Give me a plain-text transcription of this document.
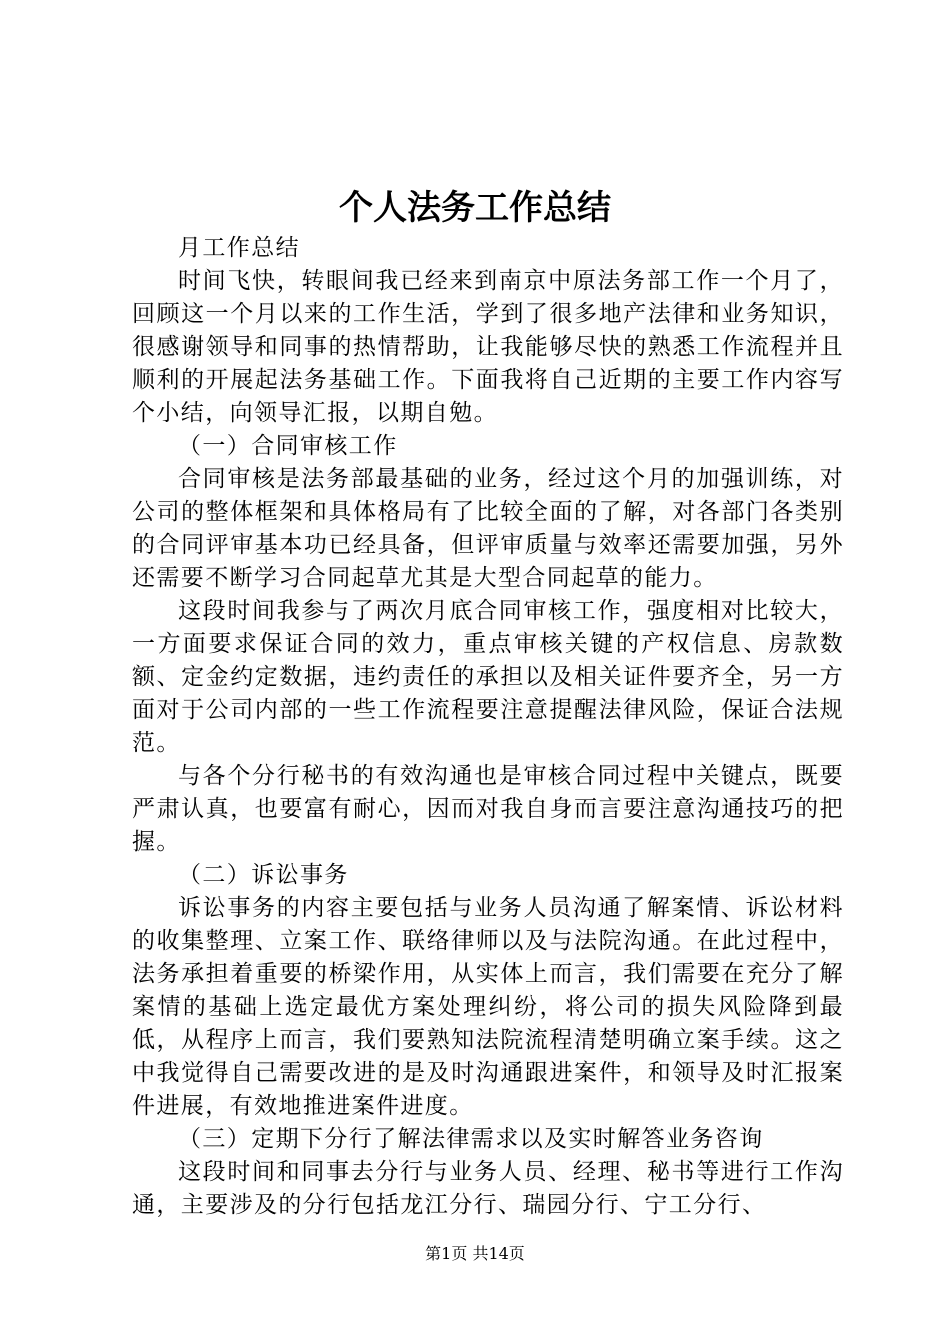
个人法务工作总结

月工作总结

时间飞快，转眼间我已经来到南京中原法务部工作一个月了，回顾这一个月以来的工作生活，学到了很多地产法律和业务知识，很感谢领导和同事的热情帮助，让我能够尽快的熟悉工作流程并且顺利的开展起法务基础工作。下面我将自己近期的主要工作内容写个小结，向领导汇报，以期自勉。

（一）合同审核工作

合同审核是法务部最基础的业务，经过这个月的加强训练，对公司的整体框架和具体格局有了比较全面的了解，对各部门各类别的合同评审基本功已经具备，但评审质量与效率还需要加强，另外还需要不断学习合同起草尤其是大型合同起草的能力。

这段时间我参与了两次月底合同审核工作，强度相对比较大，一方面要求保证合同的效力，重点审核关键的产权信息、房款数额、定金约定数据，违约责任的承担以及相关证件要齐全，另一方面对于公司内部的一些工作流程要注意提醒法律风险，保证合法规范。

与各个分行秘书的有效沟通也是审核合同过程中关键点，既要严肃认真，也要富有耐心，因而对我自身而言要注意沟通技巧的把握。

（二）诉讼事务

诉讼事务的内容主要包括与业务人员沟通了解案情、诉讼材料的收集整理、立案工作、联络律师以及与法院沟通。在此过程中，法务承担着重要的桥梁作用，从实体上而言，我们需要在充分了解案情的基础上选定最优方案处理纠纷，将公司的损失风险降到最低，从程序上而言，我们要熟知法院流程清楚明确立案手续。这之中我觉得自己需要改进的是及时沟通跟进案件，和领导及时汇报案件进展，有效地推进案件进度。

（三）定期下分行了解法律需求以及实时解答业务咨询

这段时间和同事去分行与业务人员、经理、秘书等进行工作沟通，主要涉及的分行包括龙江分行、瑞园分行、宁工分行、

第1页 共14页
